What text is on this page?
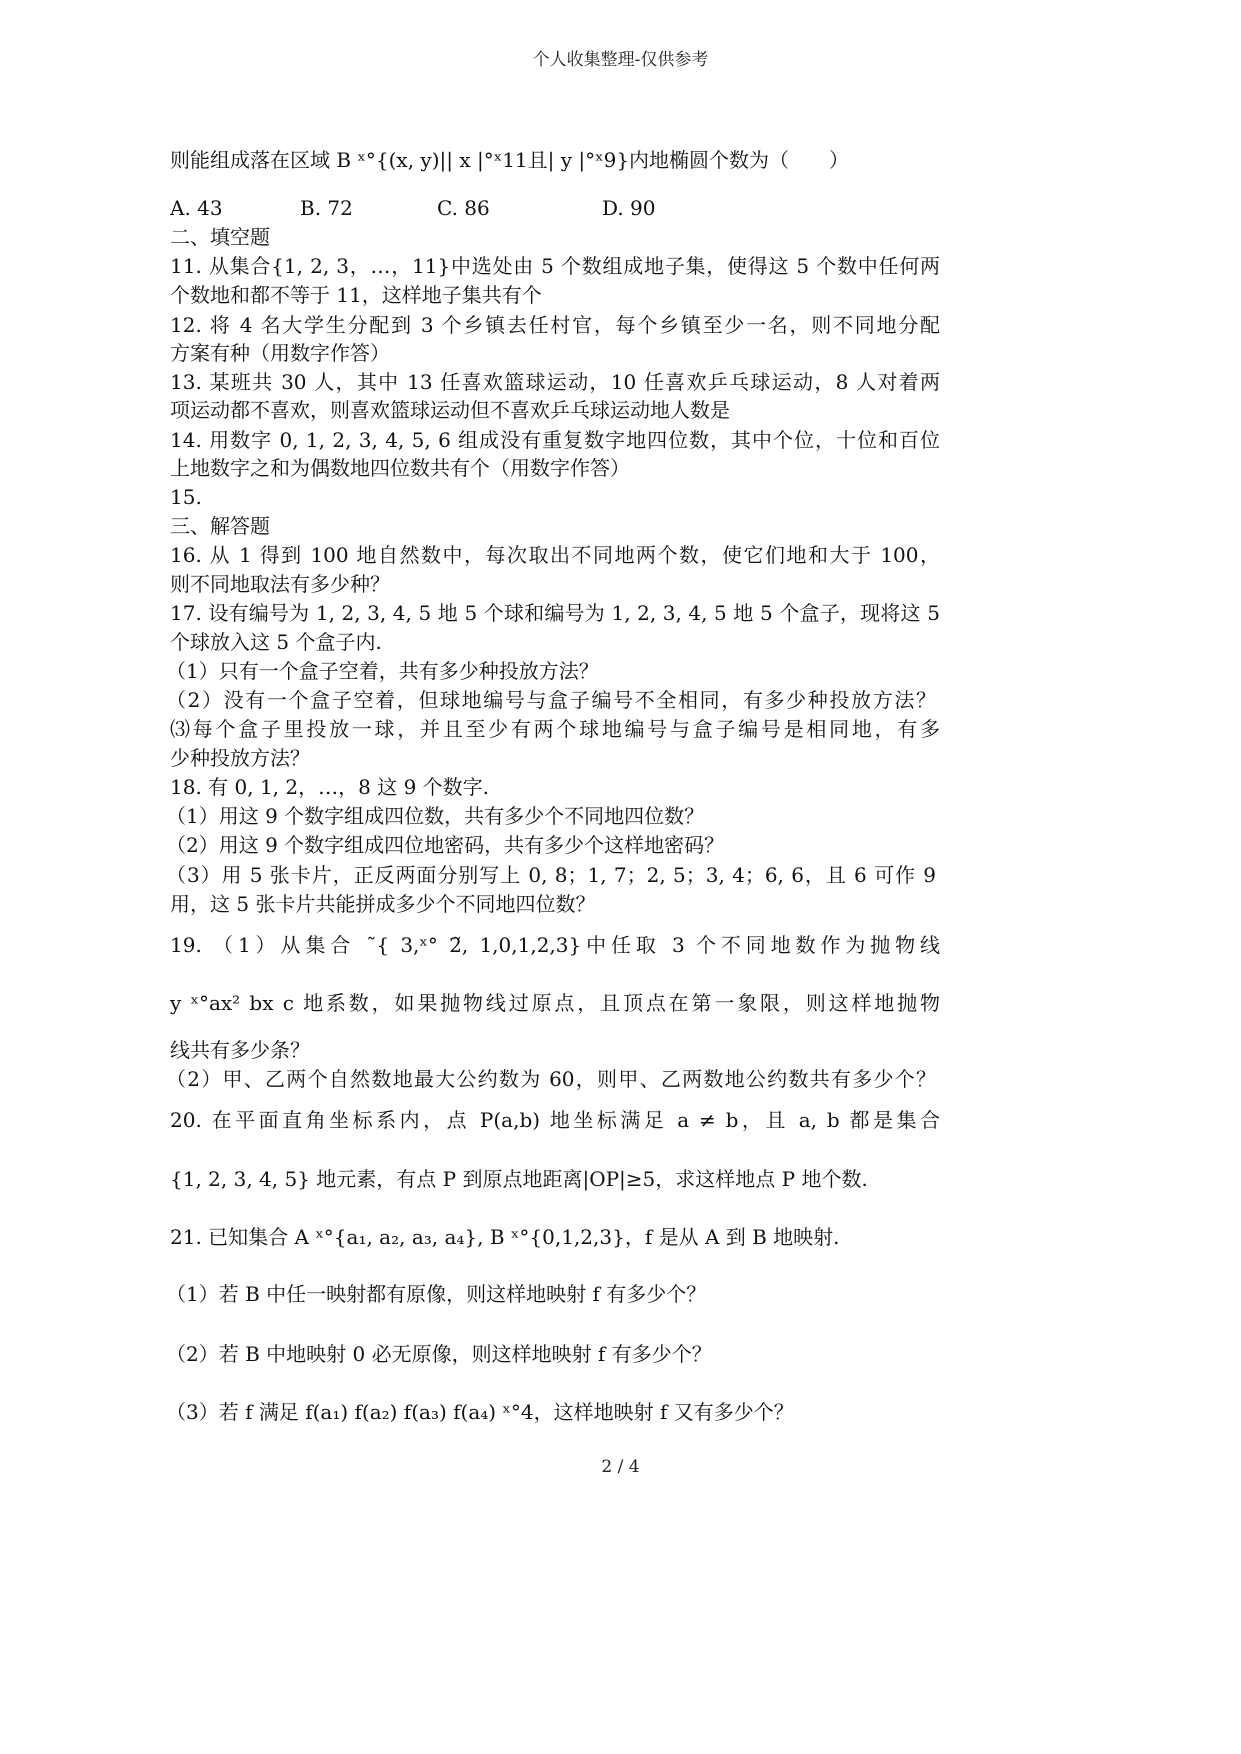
个人收集整理-仅供参考
则能组成落在区域 B ˣ°{(x, y)|| x |°ˣ11且| y |°ˣ9}内地椭圆个数为（　　）
A. 43	B. 72	C. 86	D. 90
二、填空题
11. 从集合{1, 2, 3，…，11}中选处由 5 个数组成地子集，使得这 5 个数中任何两
个数地和都不等于 11，这样地子集共有个
12. 将 4 名大学生分配到 3 个乡镇去任村官，每个乡镇至少一名，则不同地分配
方案有种（用数字作答）
13. 某班共 30 人，其中 13 任喜欢篮球运动，10 任喜欢乒乓球运动，8 人对着两
项运动都不喜欢，则喜欢篮球运动但不喜欢乒乓球运动地人数是
14. 用数字 0, 1, 2, 3, 4, 5, 6 组成没有重复数字地四位数，其中个位，十位和百位
上地数字之和为偶数地四位数共有个（用数字作答）
15.
三、解答题
16. 从 1 得到 100 地自然数中，每次取出不同地两个数，使它们地和大于 100，
则不同地取法有多少种？
17. 设有编号为 1, 2, 3, 4, 5 地 5 个球和编号为 1, 2, 3, 4, 5 地 5 个盒子，现将这 5
个球放入这 5 个盒子内.
（1）只有一个盒子空着，共有多少种投放方法？
（2）没有一个盒子空着，但球地编号与盒子编号不全相同，有多少种投放方法？
⑶每个盒子里投放一球，并且至少有两个球地编号与盒子编号是相同地，有多
少种投放方法？
18. 有 0, 1, 2，…，8 这 9 个数字.
（1）用这 9 个数字组成四位数，共有多少个不同地四位数？
（2）用这 9 个数字组成四位地密码，共有多少个这样地密码？
（3）用 5 张卡片，正反两面分别写上 0, 8；1, 7；2, 5；3, 4；6, 6，且 6 可作 9
用，这 5 张卡片共能拼成多少个不同地四位数？
19. （1）从集合 ˜{ 3,ˣ° 2̃, 1,0,1,2,3}中任取 3 个不同地数作为抛物线
y ˣ°ax² bx c 地系数，如果抛物线过原点，且顶点在第一象限，则这样地抛物
线共有多少条？
（2）甲、乙两个自然数地最大公约数为 60，则甲、乙两数地公约数共有多少个？
20. 在平面直角坐标系内，点 P(a,b) 地坐标满足 a ≠ b，且 a, b 都是集合
{1, 2, 3, 4, 5} 地元素，有点 P 到原点地距离|OP|≥5，求这样地点 P 地个数.
21. 已知集合 A ˣ°{a₁, a₂, a₃, a₄}, B ˣ°{0,1,2,3}，f 是从 A 到 B 地映射.
（1）若 B 中任一映射都有原像，则这样地映射 f 有多少个？
（2）若 B 中地映射 0 必无原像，则这样地映射 f 有多少个？
（3）若 f 满足 f(a₁) f(a₂) f(a₃) f(a₄) ˣ°4，这样地映射 f 又有多少个？
2 / 4
